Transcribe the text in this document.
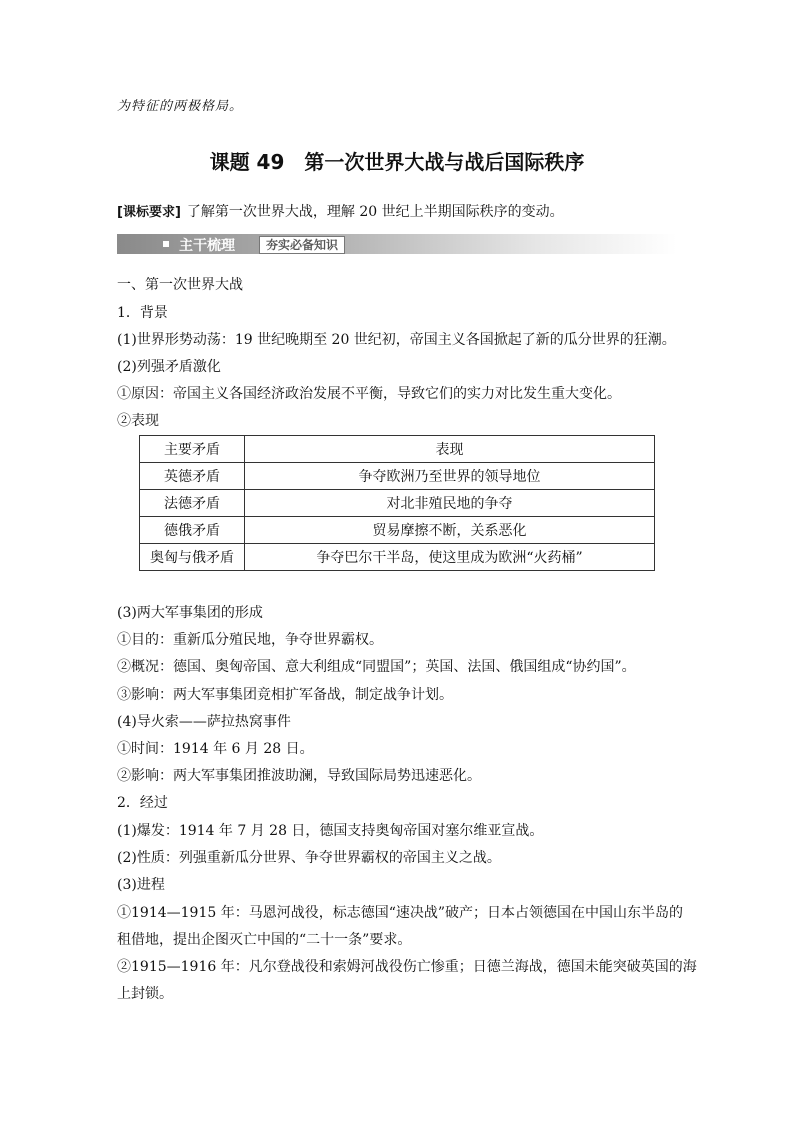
为特征的两极格局。
课题 49　第一次世界大战与战后国际秩序
[课标要求] 了解第一次世界大战，理解 20 世纪上半期国际秩序的变动。
主干梳理	夯实必备知识
一、第一次世界大战
1．背景
(1)世界形势动荡：19 世纪晚期至 20 世纪初，帝国主义各国掀起了新的瓜分世界的狂潮。
(2)列强矛盾激化
①原因：帝国主义各国经济政治发展不平衡，导致它们的实力对比发生重大变化。
②表现
主要矛盾	表现
英德矛盾	争夺欧洲乃至世界的领导地位
法德矛盾	对北非殖民地的争夺
德俄矛盾	贸易摩擦不断，关系恶化
奥匈与俄矛盾	争夺巴尔干半岛，使这里成为欧洲“火药桶”
(3)两大军事集团的形成
①目的：重新瓜分殖民地，争夺世界霸权。
②概况：德国、奥匈帝国、意大利组成“同盟国”；英国、法国、俄国组成“协约国”。
③影响：两大军事集团竞相扩军备战，制定战争计划。
(4)导火索——萨拉热窝事件
①时间：1914 年 6 月 28 日。
②影响：两大军事集团推波助澜，导致国际局势迅速恶化。
2．经过
(1)爆发：1914 年 7 月 28 日，德国支持奥匈帝国对塞尔维亚宣战。
(2)性质：列强重新瓜分世界、争夺世界霸权的帝国主义之战。
(3)进程
①1914—1915 年：马恩河战役，标志德国“速决战”破产；日本占领德国在中国山东半岛的
租借地，提出企图灭亡中国的“二十一条”要求。
②1915—1916 年：凡尔登战役和索姆河战役伤亡惨重；日德兰海战，德国未能突破英国的海
上封锁。
